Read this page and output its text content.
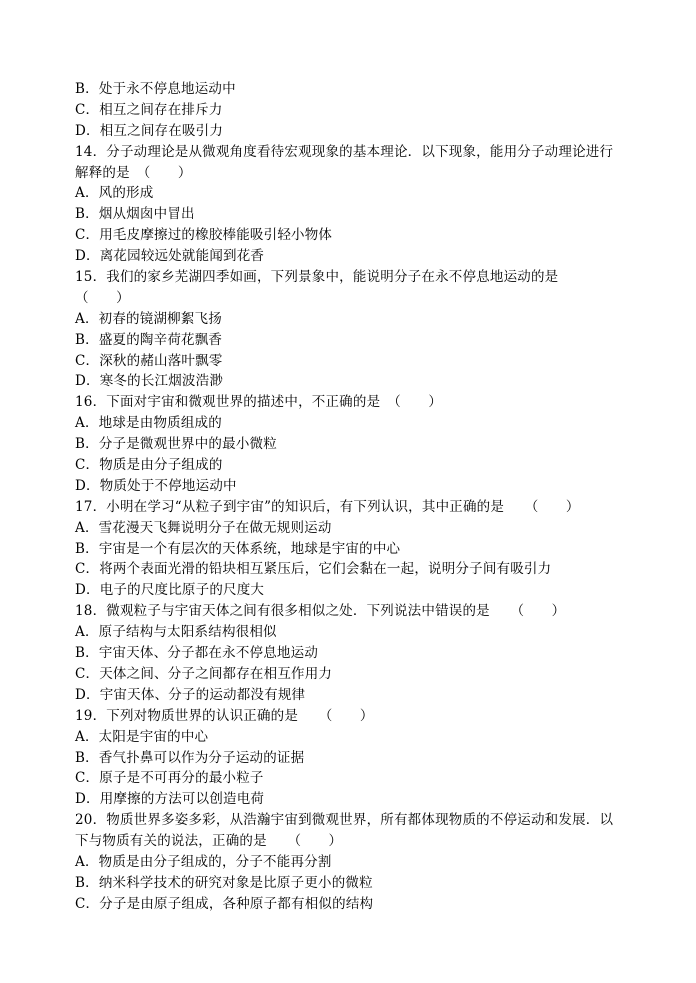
B．处于永不停息地运动中
C．相互之间存在排斥力
D．相互之间存在吸引力
14．分子动理论是从微观角度看待宏观现象的基本理论．以下现象，能用分子动理论进行
解释的是　（　　）
A．风的形成
B．烟从烟囱中冒出
C．用毛皮摩擦过的橡胶棒能吸引轻小物体
D．离花园较远处就能闻到花香
15．我们的家乡芜湖四季如画，下列景象中，能说明分子在永不停息地运动的是
（　　）
A．初春的镜湖柳絮飞扬
B．盛夏的陶辛荷花飘香
C．深秋的赭山落叶飘零
D．寒冬的长江烟波浩渺
16．下面对宇宙和微观世界的描述中，不正确的是　（　　）
A．地球是由物质组成的
B．分子是微观世界中的最小微粒
C．物质是由分子组成的
D．物质处于不停地运动中
17．小明在学习“从粒子到宇宙”的知识后，有下列认识，其中正确的是　　（　　）
A．雪花漫天飞舞说明分子在做无规则运动
B．宇宙是一个有层次的天体系统，地球是宇宙的中心
C．将两个表面光滑的铅块相互紧压后，它们会黏在一起，说明分子间有吸引力
D．电子的尺度比原子的尺度大
18．微观粒子与宇宙天体之间有很多相似之处．下列说法中错误的是　　（　　）
A．原子结构与太阳系结构很相似
B．宇宙天体、分子都在永不停息地运动
C．天体之间、分子之间都存在相互作用力
D．宇宙天体、分子的运动都没有规律
19．下列对物质世界的认识正确的是　　（　　）
A．太阳是宇宙的中心
B．香气扑鼻可以作为分子运动的证据
C．原子是不可再分的最小粒子
D．用摩擦的方法可以创造电荷
20．物质世界多姿多彩，从浩瀚宇宙到微观世界，所有都体现物质的不停运动和发展．以
下与物质有关的说法，正确的是　　（　　）
A．物质是由分子组成的，分子不能再分割
B．纳米科学技术的研究对象是比原子更小的微粒
C．分子是由原子组成，各种原子都有相似的结构
